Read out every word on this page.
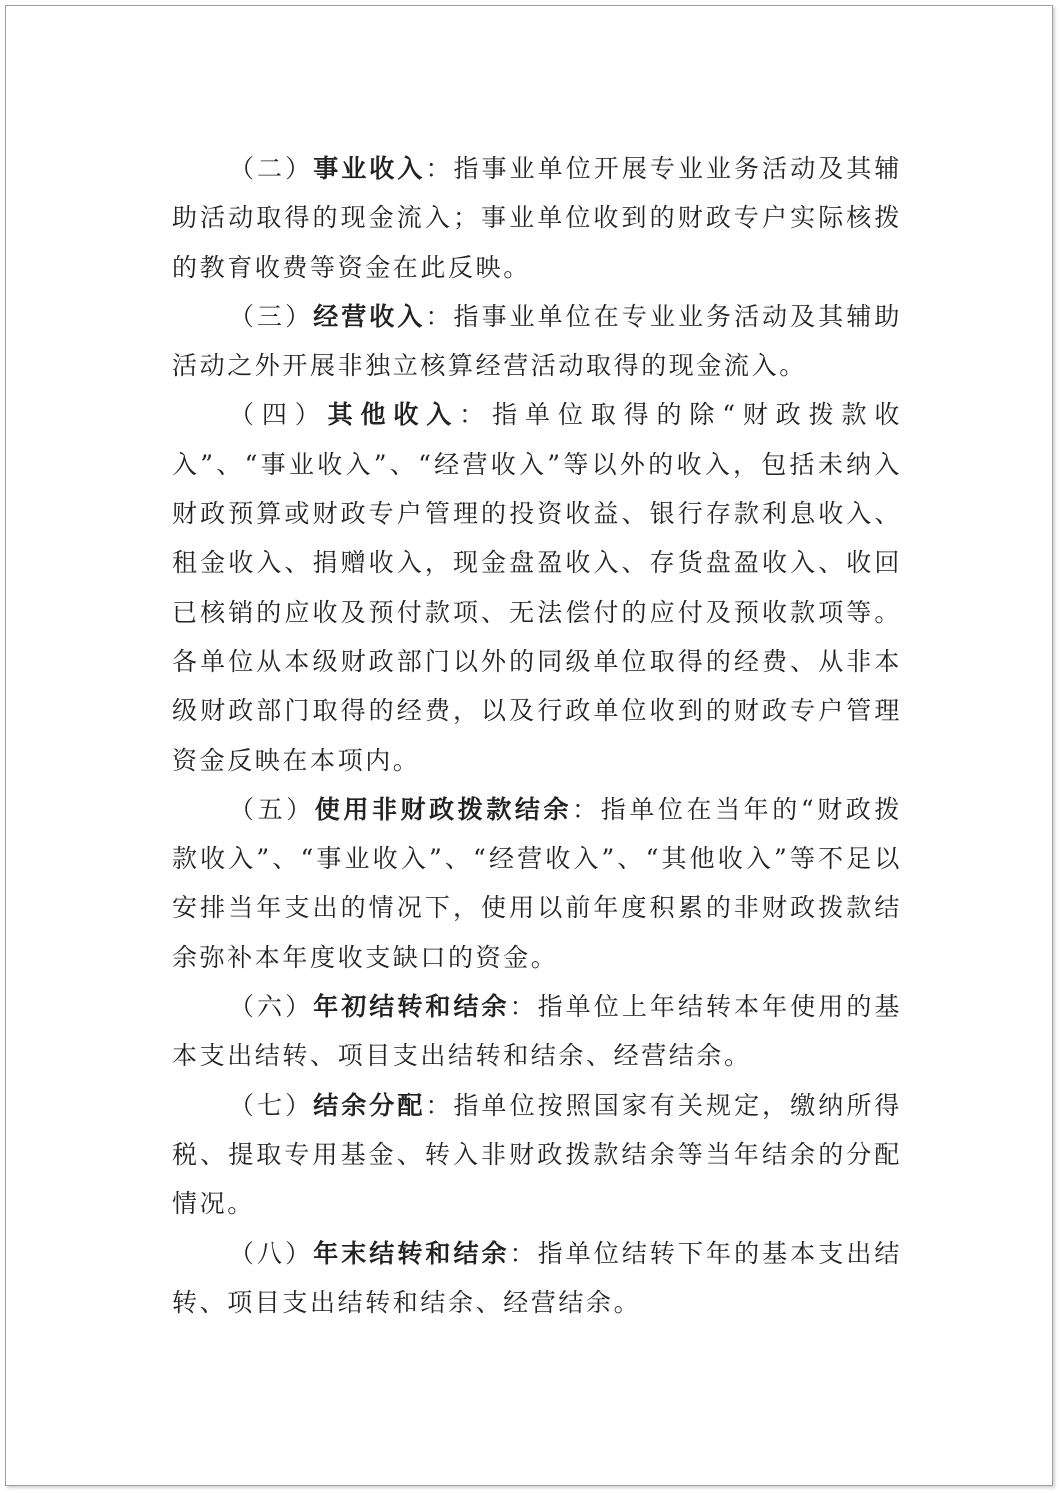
（二）事业收入：指事业单位开展专业业务活动及其辅助活动取得的现金流入；事业单位收到的财政专户实际核拨的教育收费等资金在此反映。

（三）经营收入：指事业单位在专业业务活动及其辅助活动之外开展非独立核算经营活动取得的现金流入。

（四）其他收入：指单位取得的除“财政拨款收入”、“事业收入”、“经营收入”等以外的收入，包括未纳入财政预算或财政专户管理的投资收益、银行存款利息收入、租金收入、捐赠收入，现金盘盈收入、存货盘盈收入、收回已核销的应收及预付款项、无法偿付的应付及预收款项等。各单位从本级财政部门以外的同级单位取得的经费、从非本级财政部门取得的经费，以及行政单位收到的财政专户管理资金反映在本项内。

（五）使用非财政拨款结余：指单位在当年的“财政拨款收入”、“事业收入”、“经营收入”、“其他收入”等不足以安排当年支出的情况下，使用以前年度积累的非财政拨款结余弥补本年度收支缺口的资金。

（六）年初结转和结余：指单位上年结转本年使用的基本支出结转、项目支出结转和结余、经营结余。

（七）结余分配：指单位按照国家有关规定，缴纳所得税、提取专用基金、转入非财政拨款结余等当年结余的分配情况。

（八）年末结转和结余：指单位结转下年的基本支出结转、项目支出结转和结余、经营结余。
